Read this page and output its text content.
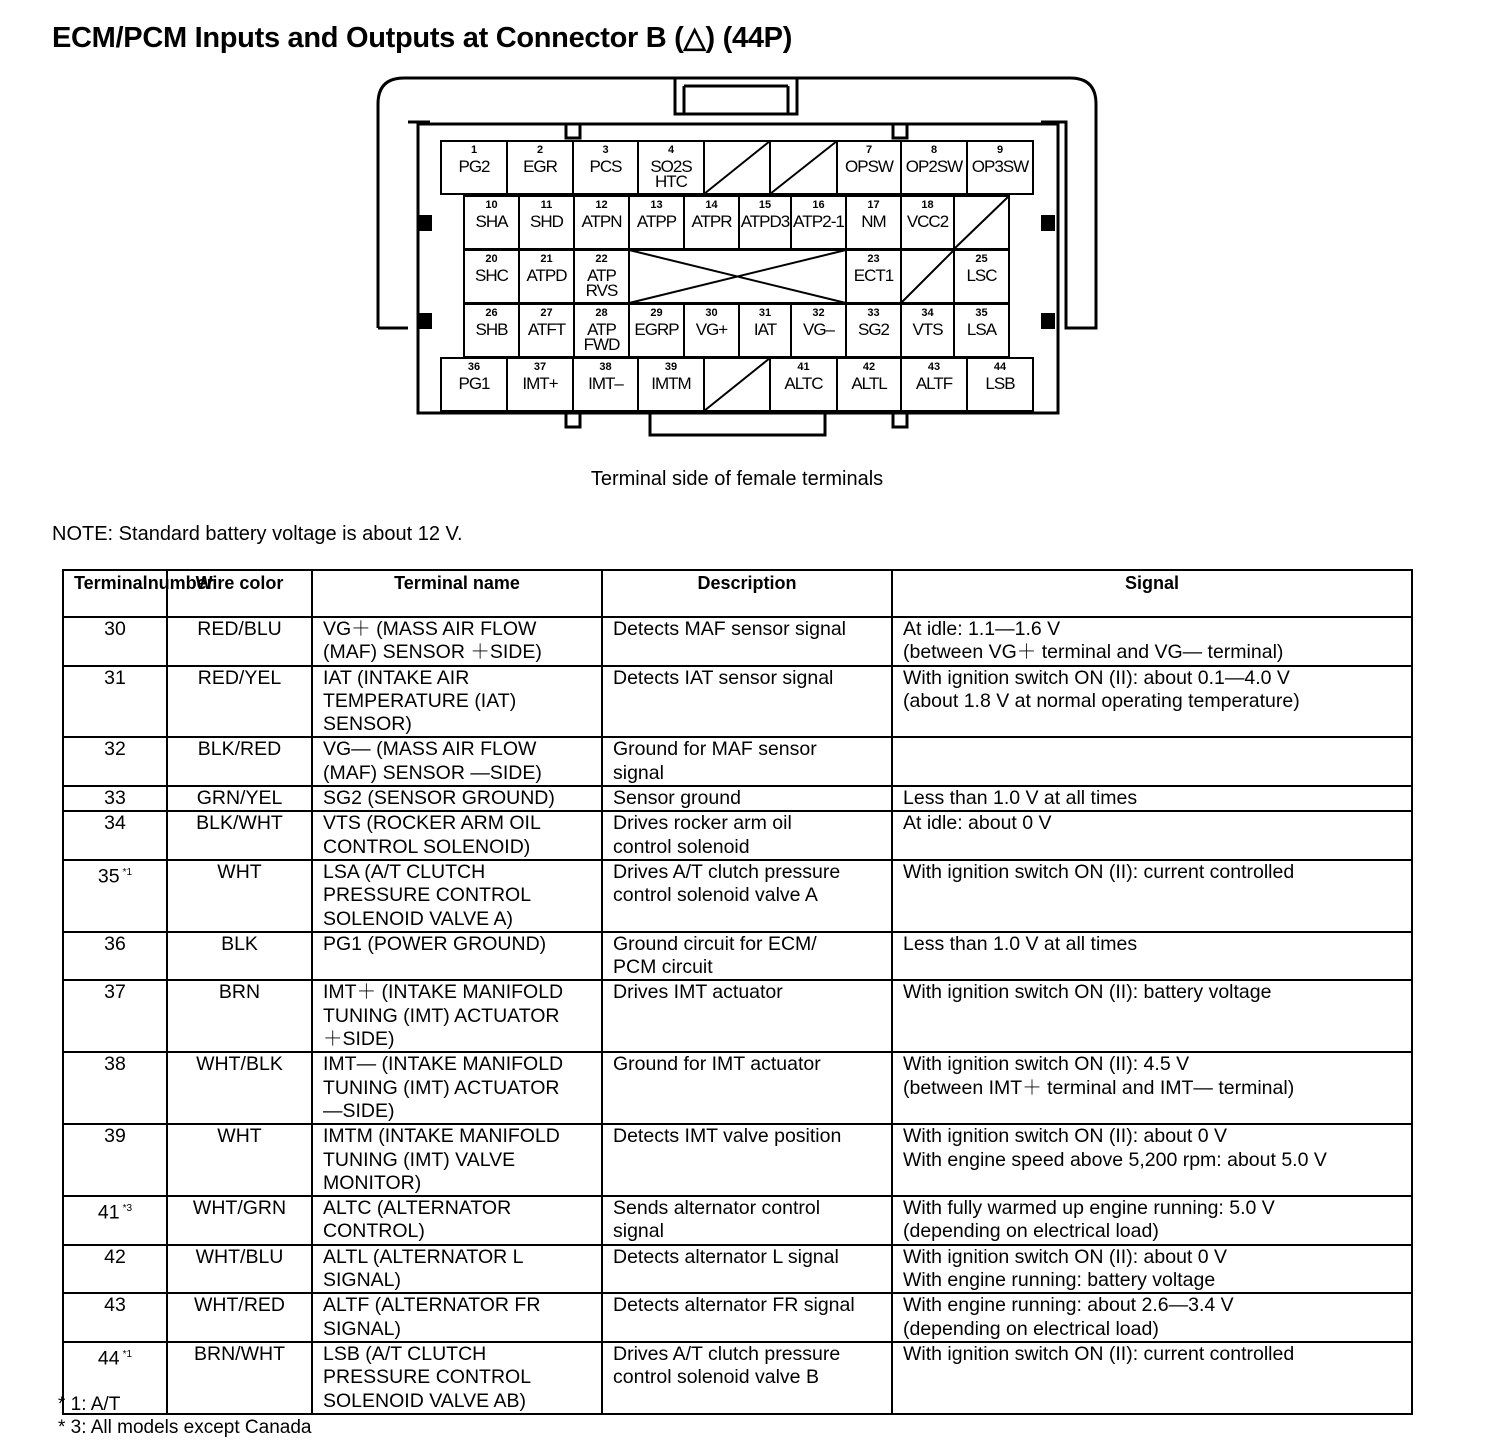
ECM/PCM Inputs and Outputs at Connector B (△) (44P)
1
PG2
2
EGR
3
PCS
4
SO2S
HTC
7
OPSW
8
OP2SW
9
OP3SW
10
SHA
11
SHD
12
ATPN
13
ATPP
14
ATPR
15
ATPD3
16
ATP2-1
17
NM
18
VCC2
20
SHC
21
ATPD
22
ATP
RVS
23
ECT1
25
LSC
26
SHB
27
ATFT
28
ATP
FWD
29
EGRP
30
VG+
31
IAT
32
VG–
33
SG2
34
VTS
35
LSA
36
PG1
37
IMT+
38
IMT–
39
IMTM
41
ALTC
42
ALTL
43
ALTF
44
LSB
Terminal side of female terminals
NOTE: Standard battery voltage is about 12 V.
Terminalnumber	Wire color	Terminal name	Description	Signal
30	RED/BLU	VG＋ (MASS AIR FLOW
(MAF) SENSOR ＋SIDE)	Detects MAF sensor signal	At idle: 1.1—1.6 V
(between VG＋ terminal and VG— terminal)

31	RED/YEL	IAT (INTAKE AIR
TEMPERATURE (IAT)
SENSOR)	Detects IAT sensor signal	With ignition switch ON (II): about 0.1—4.0 V
(about 1.8 V at normal operating temperature)

32	BLK/RED	VG— (MASS AIR FLOW
(MAF) SENSOR —SIDE)	Ground for MAF sensor
signal	

33	GRN/YEL	SG2 (SENSOR GROUND)	Sensor ground	Less than 1.0 V at all times

34	BLK/WHT	VTS (ROCKER ARM OIL
CONTROL SOLENOID)	Drives rocker arm oil
control solenoid	At idle: about 0 V

35 $^{*1}$	WHT	LSA (A/T CLUTCH
PRESSURE CONTROL
SOLENOID VALVE A)	Drives A/T clutch pressure
control solenoid valve A	With ignition switch ON (II): current controlled

36	BLK	PG1 (POWER GROUND)	Ground circuit for ECM/
PCM circuit	Less than 1.0 V at all times

37	BRN	IMT＋ (INTAKE MANIFOLD
TUNING (IMT) ACTUATOR
＋SIDE)	Drives IMT actuator	With ignition switch ON (II): battery voltage

38	WHT/BLK	IMT— (INTAKE MANIFOLD
TUNING (IMT) ACTUATOR
—SIDE)	Ground for IMT actuator	With ignition switch ON (II): 4.5 V
(between IMT＋ terminal and IMT— terminal)

39	WHT	IMTM (INTAKE MANIFOLD
TUNING (IMT) VALVE
MONITOR)	Detects IMT valve position	With ignition switch ON (II): about 0 V
With engine speed above 5,200 rpm: about 5.0 V

41 $^{*3}$	WHT/GRN	ALTC (ALTERNATOR
CONTROL)	Sends alternator control
signal	With fully warmed up engine running: 5.0 V
(depending on electrical load)

42	WHT/BLU	ALTL (ALTERNATOR L
SIGNAL)	Detects alternator L signal	With ignition switch ON (II): about 0 V
With engine running: battery voltage

43	WHT/RED	ALTF (ALTERNATOR FR
SIGNAL)	Detects alternator FR signal	With engine running: about 2.6—3.4 V
(depending on electrical load)

44 $^{*1}$	BRN/WHT	LSB (A/T CLUTCH
PRESSURE CONTROL
SOLENOID VALVE AB)	Drives A/T clutch pressure
control solenoid valve B	With ignition switch ON (II): current controlled
* 1: A/T
* 3: All models except Canada
